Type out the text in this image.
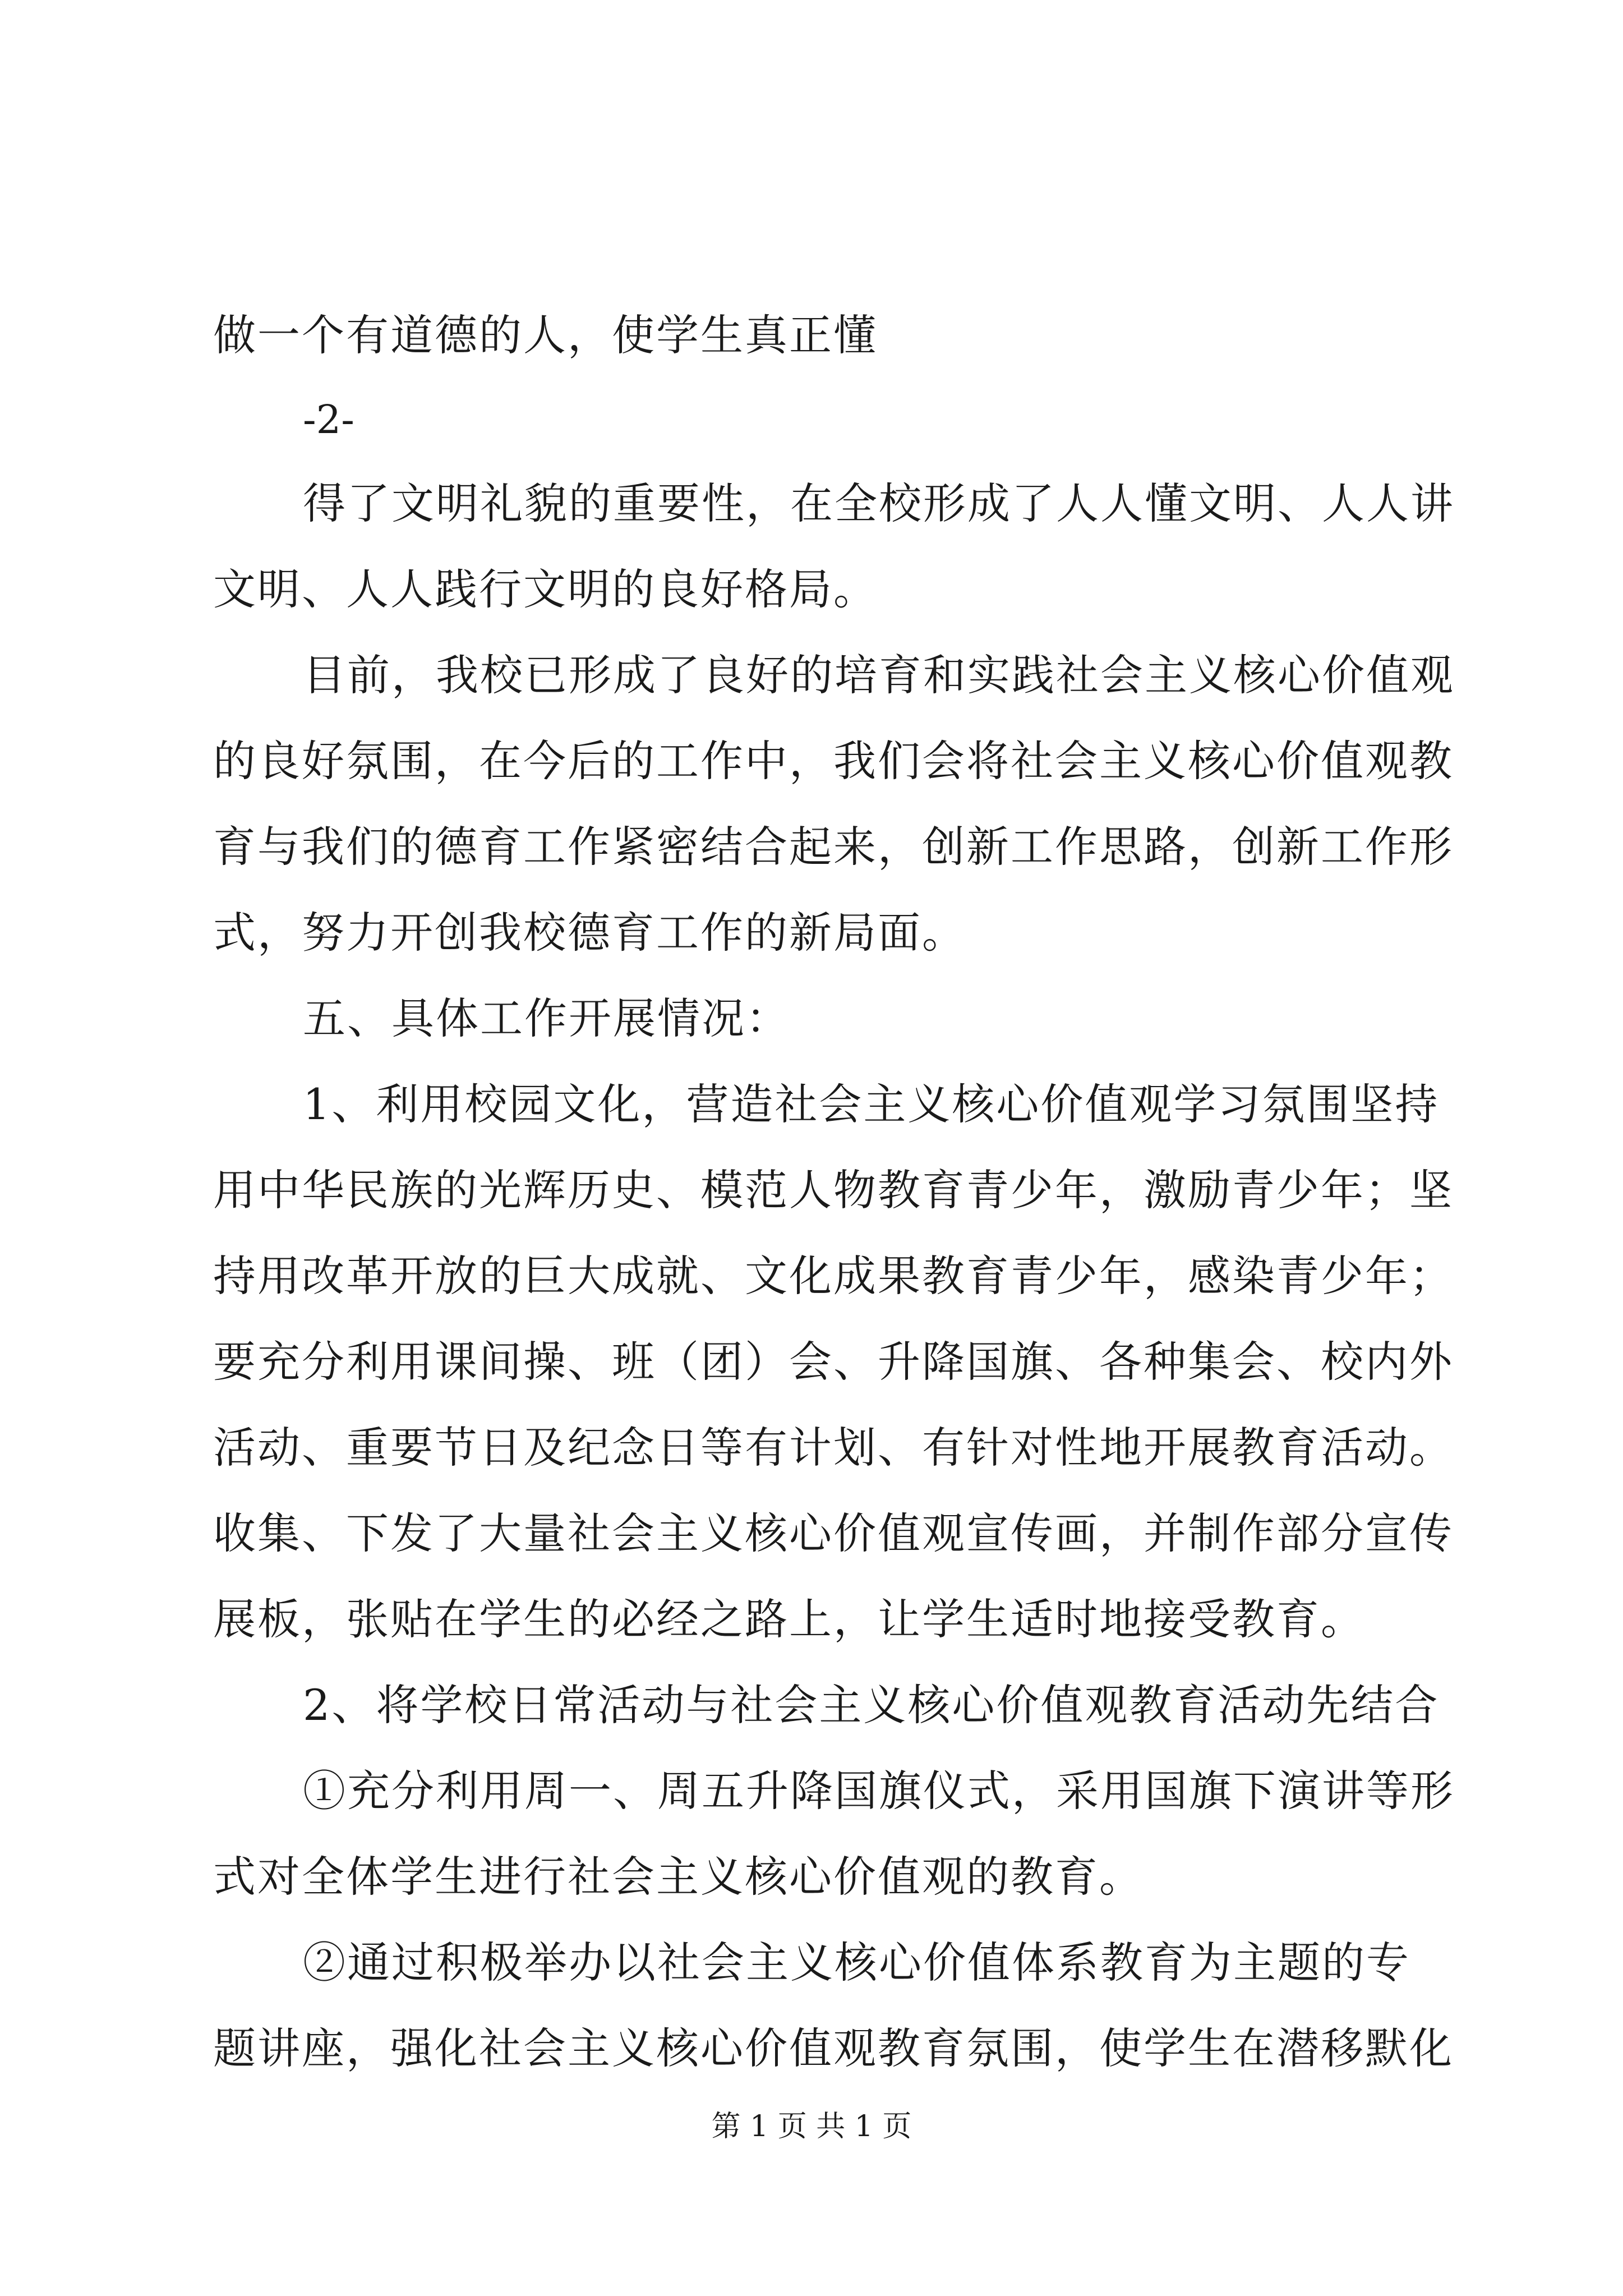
做一个有道德的人，使学生真正懂
-2-
得了文明礼貌的重要性，在全校形成了人人懂文明、人人讲
文明、人人践行文明的良好格局。
目前，我校已形成了良好的培育和实践社会主义核心价值观
的良好氛围，在今后的工作中，我们会将社会主义核心价值观教
育与我们的德育工作紧密结合起来，创新工作思路，创新工作形
式，努力开创我校德育工作的新局面。
五、具体工作开展情况：
1、利用校园文化，营造社会主义核心价值观学习氛围坚持
用中华民族的光辉历史、模范人物教育青少年，激励青少年；坚
持用改革开放的巨大成就、文化成果教育青少年，感染青少年；
要充分利用课间操、班（团）会、升降国旗、各种集会、校内外
活动、重要节日及纪念日等有计划、有针对性地开展教育活动。
收集、下发了大量社会主义核心价值观宣传画，并制作部分宣传
展板，张贴在学生的必经之路上，让学生适时地接受教育。
2、将学校日常活动与社会主义核心价值观教育活动先结合
①充分利用周一、周五升降国旗仪式，采用国旗下演讲等形
式对全体学生进行社会主义核心价值观的教育。
②通过积极举办以社会主义核心价值体系教育为主题的专
题讲座，强化社会主义核心价值观教育氛围，使学生在潜移默化
第 1 页 共 1 页
